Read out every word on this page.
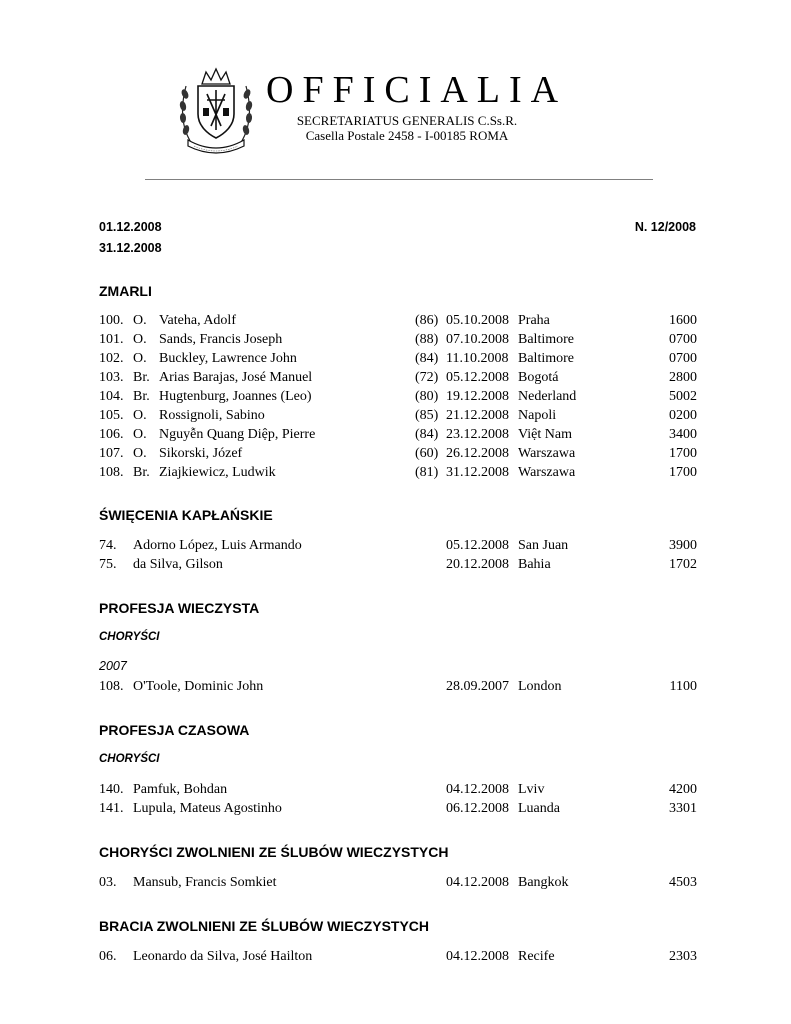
OFFICIALIA
SECRETARIATUS GENERALIS C.Ss.R.
Casella Postale 2458 - I-00185 ROMA
01.12.2008
31.12.2008
N. 12/2008
ZMARLI
100. O. Vateha, Adolf	(86) 05.10.2008 Praha	1600
101. O. Sands, Francis Joseph	(88) 07.10.2008 Baltimore	0700
102. O. Buckley, Lawrence John	(84) 11.10.2008 Baltimore	0700
103. Br. Arias Barajas, José Manuel	(72) 05.12.2008 Bogotá	2800
104. Br. Hugtenburg, Joannes (Leo)	(80) 19.12.2008 Nederland	5002
105. O. Rossignoli, Sabino	(85) 21.12.2008 Napoli	0200
106. O. Nguyễn Quang Diệp, Pierre	(84) 23.12.2008 Việt Nam	3400
107. O. Sikorski, Józef	(60) 26.12.2008 Warszawa	1700
108. Br. Ziajkiewicz, Ludwik	(81) 31.12.2008 Warszawa	1700
ŚWIĘCENIA KAPŁAŃSKIE
74. Adorno López, Luis Armando	05.12.2008 San Juan	3900
75. da Silva, Gilson	20.12.2008 Bahia	1702
PROFESJA WIECZYSTA
CHORYŚCI
2007
108. O'Toole, Dominic John	28.09.2007 London	1100
PROFESJA CZASOWA
CHORYŚCI
140. Pamfuk, Bohdan	04.12.2008 Lviv	4200
141. Lupula, Mateus Agostinho	06.12.2008 Luanda	3301
CHORYŚCI ZWOLNIENI ZE ŚLUBÓW WIECZYSTYCH
03. Mansub, Francis Somkiet	04.12.2008 Bangkok	4503
BRACIA ZWOLNIENI ZE ŚLUBÓW WIECZYSTYCH
06. Leonardo da Silva, José Hailton	04.12.2008 Recife	2303
